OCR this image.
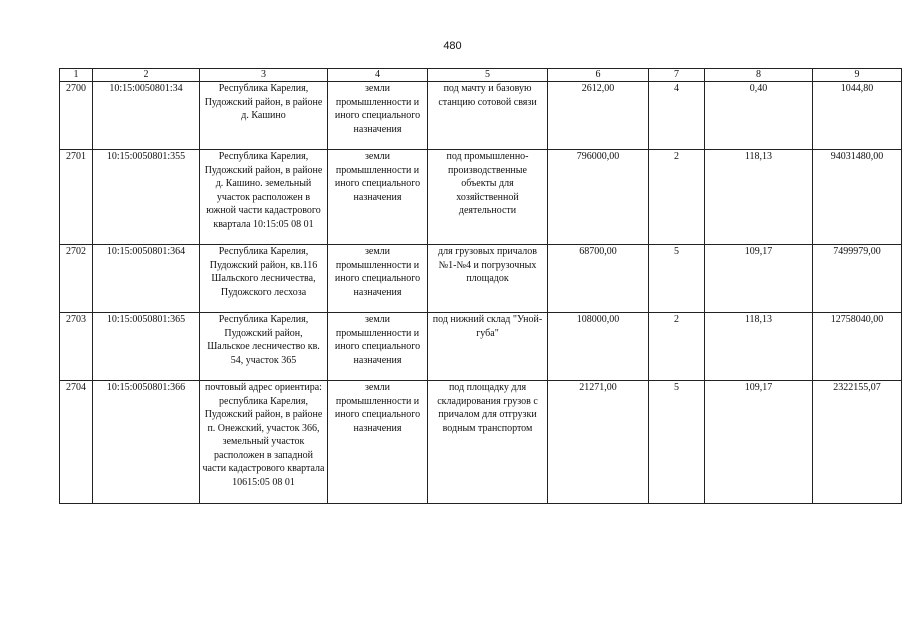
480
1	2	3	4	5	6	7	8	9
2700	10:15:0050801:34	Республика Карелия, Пудожский район, в районе д. Кашино	земли промышленности и иного специального назначения	под мачту и базовую станцию сотовой связи	2612,00	4	0,40	1044,80
2701	10:15:0050801:355	Республика Карелия, Пудожский район, в районе д. Кашино. земельный участок расположен в южной части кадастрового квартала 10:15:05 08 01	земли промышленности и иного специального назначения	под промышленно-производственные объекты для хозяйственной деятельности	796000,00	2	118,13	94031480,00
2702	10:15:0050801:364	Республика Карелия, Пудожский район, кв.116 Шальского лесничества, Пудожского лесхоза	земли промышленности и иного специального назначения	для грузовых причалов №1-№4 и погрузочных площадок	68700,00	5	109,17	7499979,00
2703	10:15:0050801:365	Республика Карелия, Пудожский район, Шальское лесничество кв. 54, участок 365	земли промышленности и иного специального назначения	под нижний склад "Уной-губа"	108000,00	2	118,13	12758040,00
2704	10:15:0050801:366	почтовый адрес ориентира: республика Карелия, Пудожский район, в районе п. Онежский, участок 366, земельный участок расположен в западной части кадастрового квартала 10615:05 08 01	земли промышленности и иного специального назначения	под площадку для складирования грузов с причалом для отгрузки водным транспортом	21271,00	5	109,17	2322155,07
